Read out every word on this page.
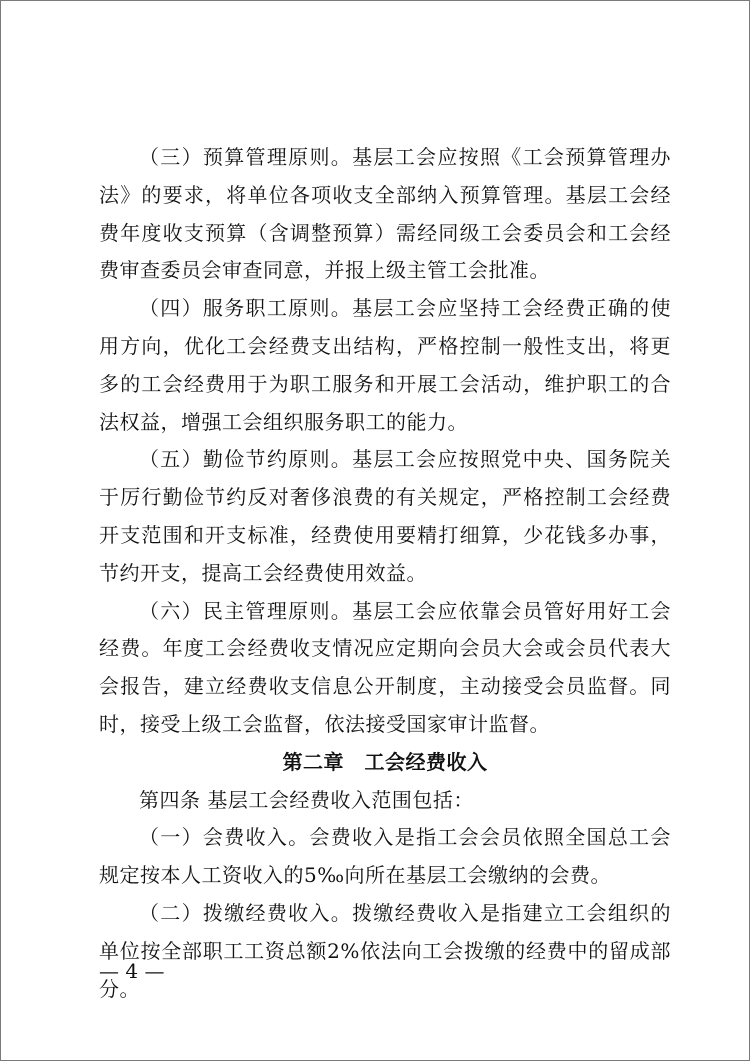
（三）预算管理原则。基层工会应按照《工会预算管理办法》的要求，将单位各项收支全部纳入预算管理。基层工会经费年度收支预算（含调整预算）需经同级工会委员会和工会经费审查委员会审查同意，并报上级主管工会批准。

（四）服务职工原则。基层工会应坚持工会经费正确的使用方向，优化工会经费支出结构，严格控制一般性支出，将更多的工会经费用于为职工服务和开展工会活动，维护职工的合法权益，增强工会组织服务职工的能力。

（五）勤俭节约原则。基层工会应按照党中央、国务院关于厉行勤俭节约反对奢侈浪费的有关规定，严格控制工会经费开支范围和开支标准，经费使用要精打细算，少花钱多办事，节约开支，提高工会经费使用效益。

（六）民主管理原则。基层工会应依靠会员管好用好工会经费。年度工会经费收支情况应定期向会员大会或会员代表大会报告，建立经费收支信息公开制度，主动接受会员监督。同时，接受上级工会监督，依法接受国家审计监督。

第二章　工会经费收入

第四条 基层工会经费收入范围包括：

（一）会费收入。会费收入是指工会会员依照全国总工会规定按本人工资收入的5‰向所在基层工会缴纳的会费。

（二）拨缴经费收入。拨缴经费收入是指建立工会组织的单位按全部职工工资总额2%依法向工会拨缴的经费中的留成部分。

— 4 —
